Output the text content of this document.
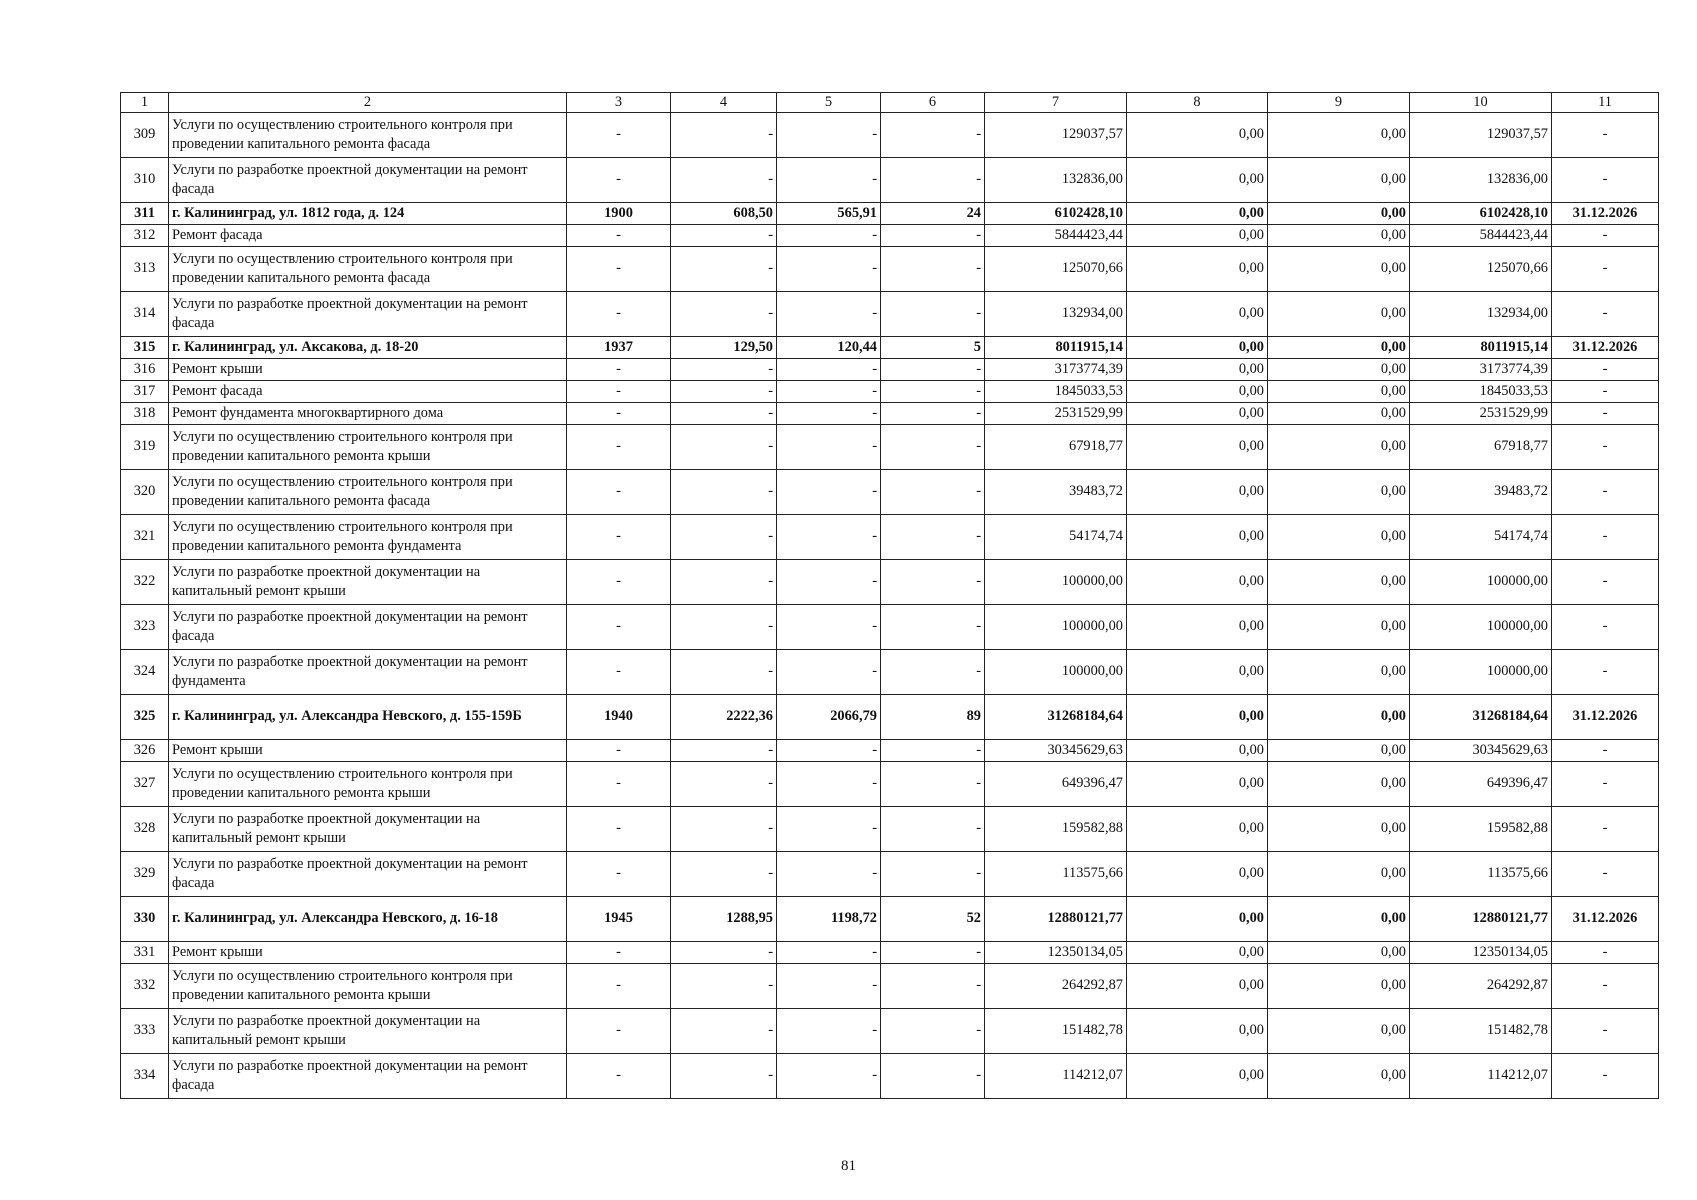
1	2	3	4	5	6	7	8	9	10	11
309	Услуги по осуществлению строительного контроля при проведении капитального ремонта фасада	-	-	-	-	129037,57	0,00	0,00	129037,57	-
310	Услуги по разработке проектной документации на ремонт фасада	-	-	-	-	132836,00	0,00	0,00	132836,00	-
311	г. Калининград, ул. 1812 года, д. 124	1900	608,50	565,91	24	6102428,10	0,00	0,00	6102428,10	31.12.2026
312	Ремонт фасада	-	-	-	-	5844423,44	0,00	0,00	5844423,44	-
313	Услуги по осуществлению строительного контроля при проведении капитального ремонта фасада	-	-	-	-	125070,66	0,00	0,00	125070,66	-
314	Услуги по разработке проектной документации на ремонт фасада	-	-	-	-	132934,00	0,00	0,00	132934,00	-
315	г. Калининград, ул. Аксакова, д. 18-20	1937	129,50	120,44	5	8011915,14	0,00	0,00	8011915,14	31.12.2026
316	Ремонт крыши	-	-	-	-	3173774,39	0,00	0,00	3173774,39	-
317	Ремонт фасада	-	-	-	-	1845033,53	0,00	0,00	1845033,53	-
318	Ремонт фундамента многоквартирного дома	-	-	-	-	2531529,99	0,00	0,00	2531529,99	-
319	Услуги по осуществлению строительного контроля при проведении капитального ремонта крыши	-	-	-	-	67918,77	0,00	0,00	67918,77	-
320	Услуги по осуществлению строительного контроля при проведении капитального ремонта фасада	-	-	-	-	39483,72	0,00	0,00	39483,72	-
321	Услуги по осуществлению строительного контроля при проведении капитального ремонта фундамента	-	-	-	-	54174,74	0,00	0,00	54174,74	-
322	Услуги по разработке проектной документации на капитальный ремонт крыши	-	-	-	-	100000,00	0,00	0,00	100000,00	-
323	Услуги по разработке проектной документации на ремонт фасада	-	-	-	-	100000,00	0,00	0,00	100000,00	-
324	Услуги по разработке проектной документации на ремонт фундамента	-	-	-	-	100000,00	0,00	0,00	100000,00	-
325	г. Калининград, ул. Александра Невского, д. 155-159Б	1940	2222,36	2066,79	89	31268184,64	0,00	0,00	31268184,64	31.12.2026
326	Ремонт крыши	-	-	-	-	30345629,63	0,00	0,00	30345629,63	-
327	Услуги по осуществлению строительного контроля при проведении капитального ремонта крыши	-	-	-	-	649396,47	0,00	0,00	649396,47	-
328	Услуги по разработке проектной документации на капитальный ремонт крыши	-	-	-	-	159582,88	0,00	0,00	159582,88	-
329	Услуги по разработке проектной документации на ремонт фасада	-	-	-	-	113575,66	0,00	0,00	113575,66	-
330	г. Калининград, ул. Александра Невского, д. 16-18	1945	1288,95	1198,72	52	12880121,77	0,00	0,00	12880121,77	31.12.2026
331	Ремонт крыши	-	-	-	-	12350134,05	0,00	0,00	12350134,05	-
332	Услуги по осуществлению строительного контроля при проведении капитального ремонта крыши	-	-	-	-	264292,87	0,00	0,00	264292,87	-
333	Услуги по разработке проектной документации на капитальный ремонт крыши	-	-	-	-	151482,78	0,00	0,00	151482,78	-
334	Услуги по разработке проектной документации на ремонт фасада	-	-	-	-	114212,07	0,00	0,00	114212,07	-
81
